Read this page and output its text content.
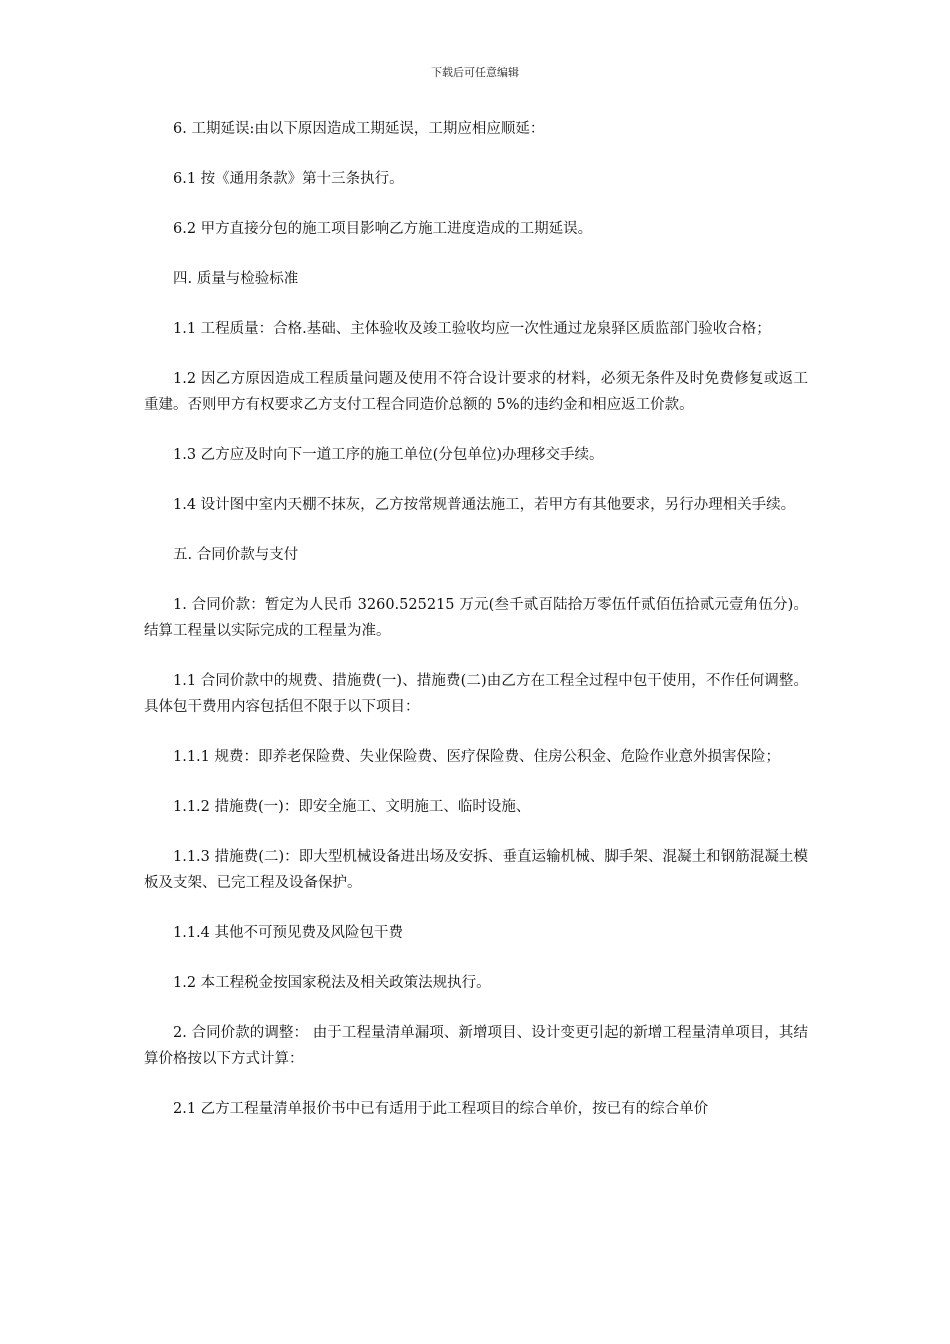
下载后可任意编辑

6. 工期延误:由以下原因造成工期延误，工期应相应顺延：

6.1 按《通用条款》第十三条执行。

6.2 甲方直接分包的施工项目影响乙方施工进度造成的工期延误。

四. 质量与检验标准

1.1 工程质量：合格.基础、主体验收及竣工验收均应一次性通过龙泉驿区质监部门验收合格；

1.2 因乙方原因造成工程质量问题及使用不符合设计要求的材料，必须无条件及时免费修复或返工重建。否则甲方有权要求乙方支付工程合同造价总额的 5%的违约金和相应返工价款。

1.3 乙方应及时向下一道工序的施工单位(分包单位)办理移交手续。

1.4 设计图中室内天棚不抹灰，乙方按常规普通法施工，若甲方有其他要求，另行办理相关手续。

五. 合同价款与支付

1. 合同价款：暂定为人民币 3260.525215 万元(叁千贰百陆拾万零伍仟贰佰伍拾贰元壹角伍分)。结算工程量以实际完成的工程量为准。

1.1 合同价款中的规费、措施费(一)、措施费(二)由乙方在工程全过程中包干使用，不作任何调整。具体包干费用内容包括但不限于以下项目：

1.1.1 规费：即养老保险费、失业保险费、医疗保险费、住房公积金、危险作业意外损害保险；

1.1.2 措施费(一)：即安全施工、文明施工、临时设施、

1.1.3 措施费(二)：即大型机械设备进出场及安拆、垂直运输机械、脚手架、混凝土和钢筋混凝土模板及支架、已完工程及设备保护。

1.1.4 其他不可预见费及风险包干费

1.2 本工程税金按国家税法及相关政策法规执行。

2. 合同价款的调整： 由于工程量清单漏项、新增项目、设计变更引起的新增工程量清单项目，其结算价格按以下方式计算：

2.1 乙方工程量清单报价书中已有适用于此工程项目的综合单价，按已有的综合单价
